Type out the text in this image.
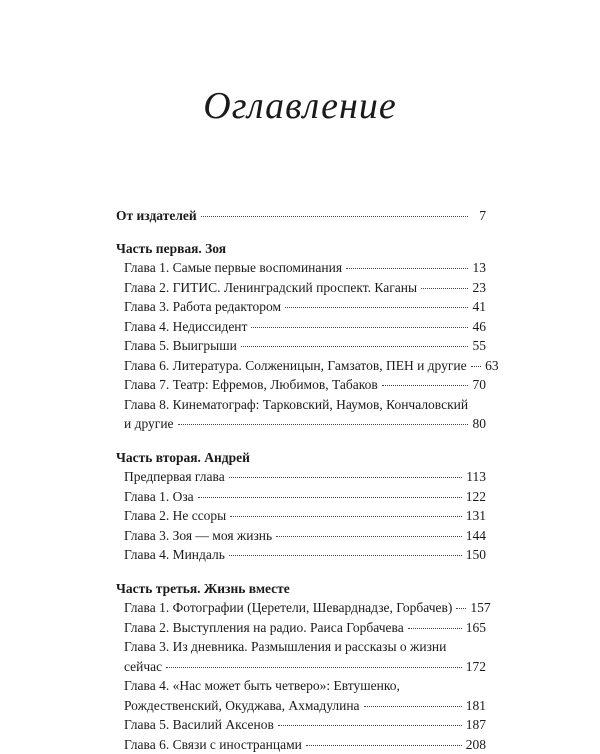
Оглавление
От издателей	7
Часть первая. Зоя
Глава 1. Самые первые воспоминания	13
Глава 2. ГИТИС. Ленинградский проспект. Каганы	23
Глава 3. Работа редактором	41
Глава 4. Недиссидент	46
Глава 5. Выигрыши	55
Глава 6. Литература. Солженицын, Гамзатов, ПЕН и другие 63
Глава 7. Театр: Ефремов, Любимов, Табаков	70
Глава 8. Кинематограф: Тарковский, Наумов, Кончаловский
и другие	80
Часть вторая. Андрей
Предпервая глава	113
Глава 1. Оза	122
Глава 2. Не ссоры	131
Глава 3. Зоя — моя жизнь	144
Глава 4. Миндаль	150
Часть третья. Жизнь вместе
Глава 1. Фотографии (Церетели, Шеварднадзе, Горбачев) 157
Глава 2. Выступления на радио. Раиса Горбачева	165
Глава 3. Из дневника. Размышления и рассказы о жизни
сейчас	172
Глава 4. «Нас может быть четверо»: Евтушенко,
Рождественский, Окуджава, Ахмадулина	181
Глава 5. Василий Аксенов	187
Глава 6. Связи с иностранцами	208
